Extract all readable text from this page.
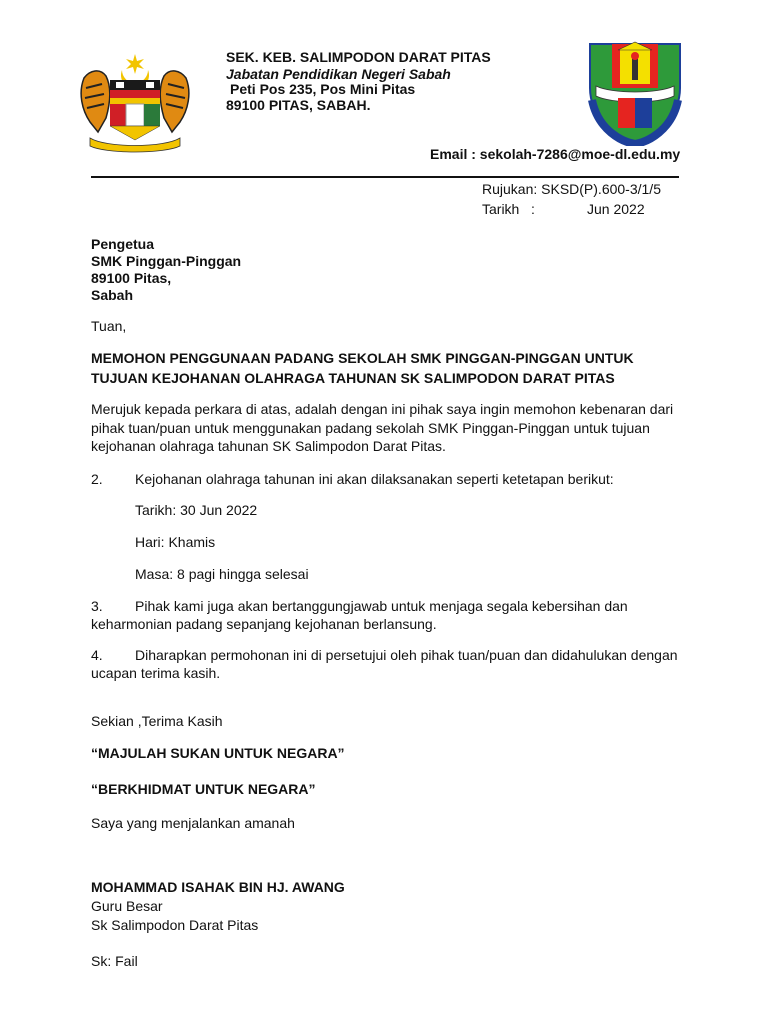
SEK. KEB. SALIMPODON DARAT PITAS
Jabatan Pendidikan Negeri Sabah
Peti Pos 235, Pos Mini Pitas
89100 PITAS, SABAH.
Email : sekolah-7286@moe-dl.edu.my
Rujukan: SKSD(P).600-3/1/5
Tarikh :	Jun 2022
Pengetua
SMK Pinggan-Pinggan
89100 Pitas,
Sabah
Tuan,
MEMOHON PENGGUNAAN PADANG SEKOLAH SMK PINGGAN-PINGGAN UNTUK
TUJUAN KEJOHANAN OLAHRAGA TAHUNAN SK SALIMPODON DARAT PITAS
Merujuk kepada perkara di atas, adalah dengan ini pihak saya ingin memohon kebenaran dari
pihak tuan/puan untuk menggunakan padang sekolah SMK Pinggan-Pinggan untuk tujuan
kejohanan olahraga tahunan SK Salimpodon Darat Pitas.
2. Kejohanan olahraga tahunan ini akan dilaksanakan seperti ketetapan berikut:
Tarikh: 30 Jun 2022
Hari: Khamis
Masa: 8 pagi hingga selesai
3. Pihak kami juga akan bertanggungjawab untuk menjaga segala kebersihan dan
keharmonian padang sepanjang kejohanan berlansung.
4. Diharapkan permohonan ini di persetujui oleh pihak tuan/puan dan didahulukan dengan
ucapan terima kasih.
Sekian ,Terima Kasih
“MAJULAH SUKAN UNTUK NEGARA”
“BERKHIDMAT UNTUK NEGARA”
Saya yang menjalankan amanah
MOHAMMAD ISAHAK BIN HJ. AWANG
Guru Besar
Sk Salimpodon Darat Pitas
Sk: Fail
